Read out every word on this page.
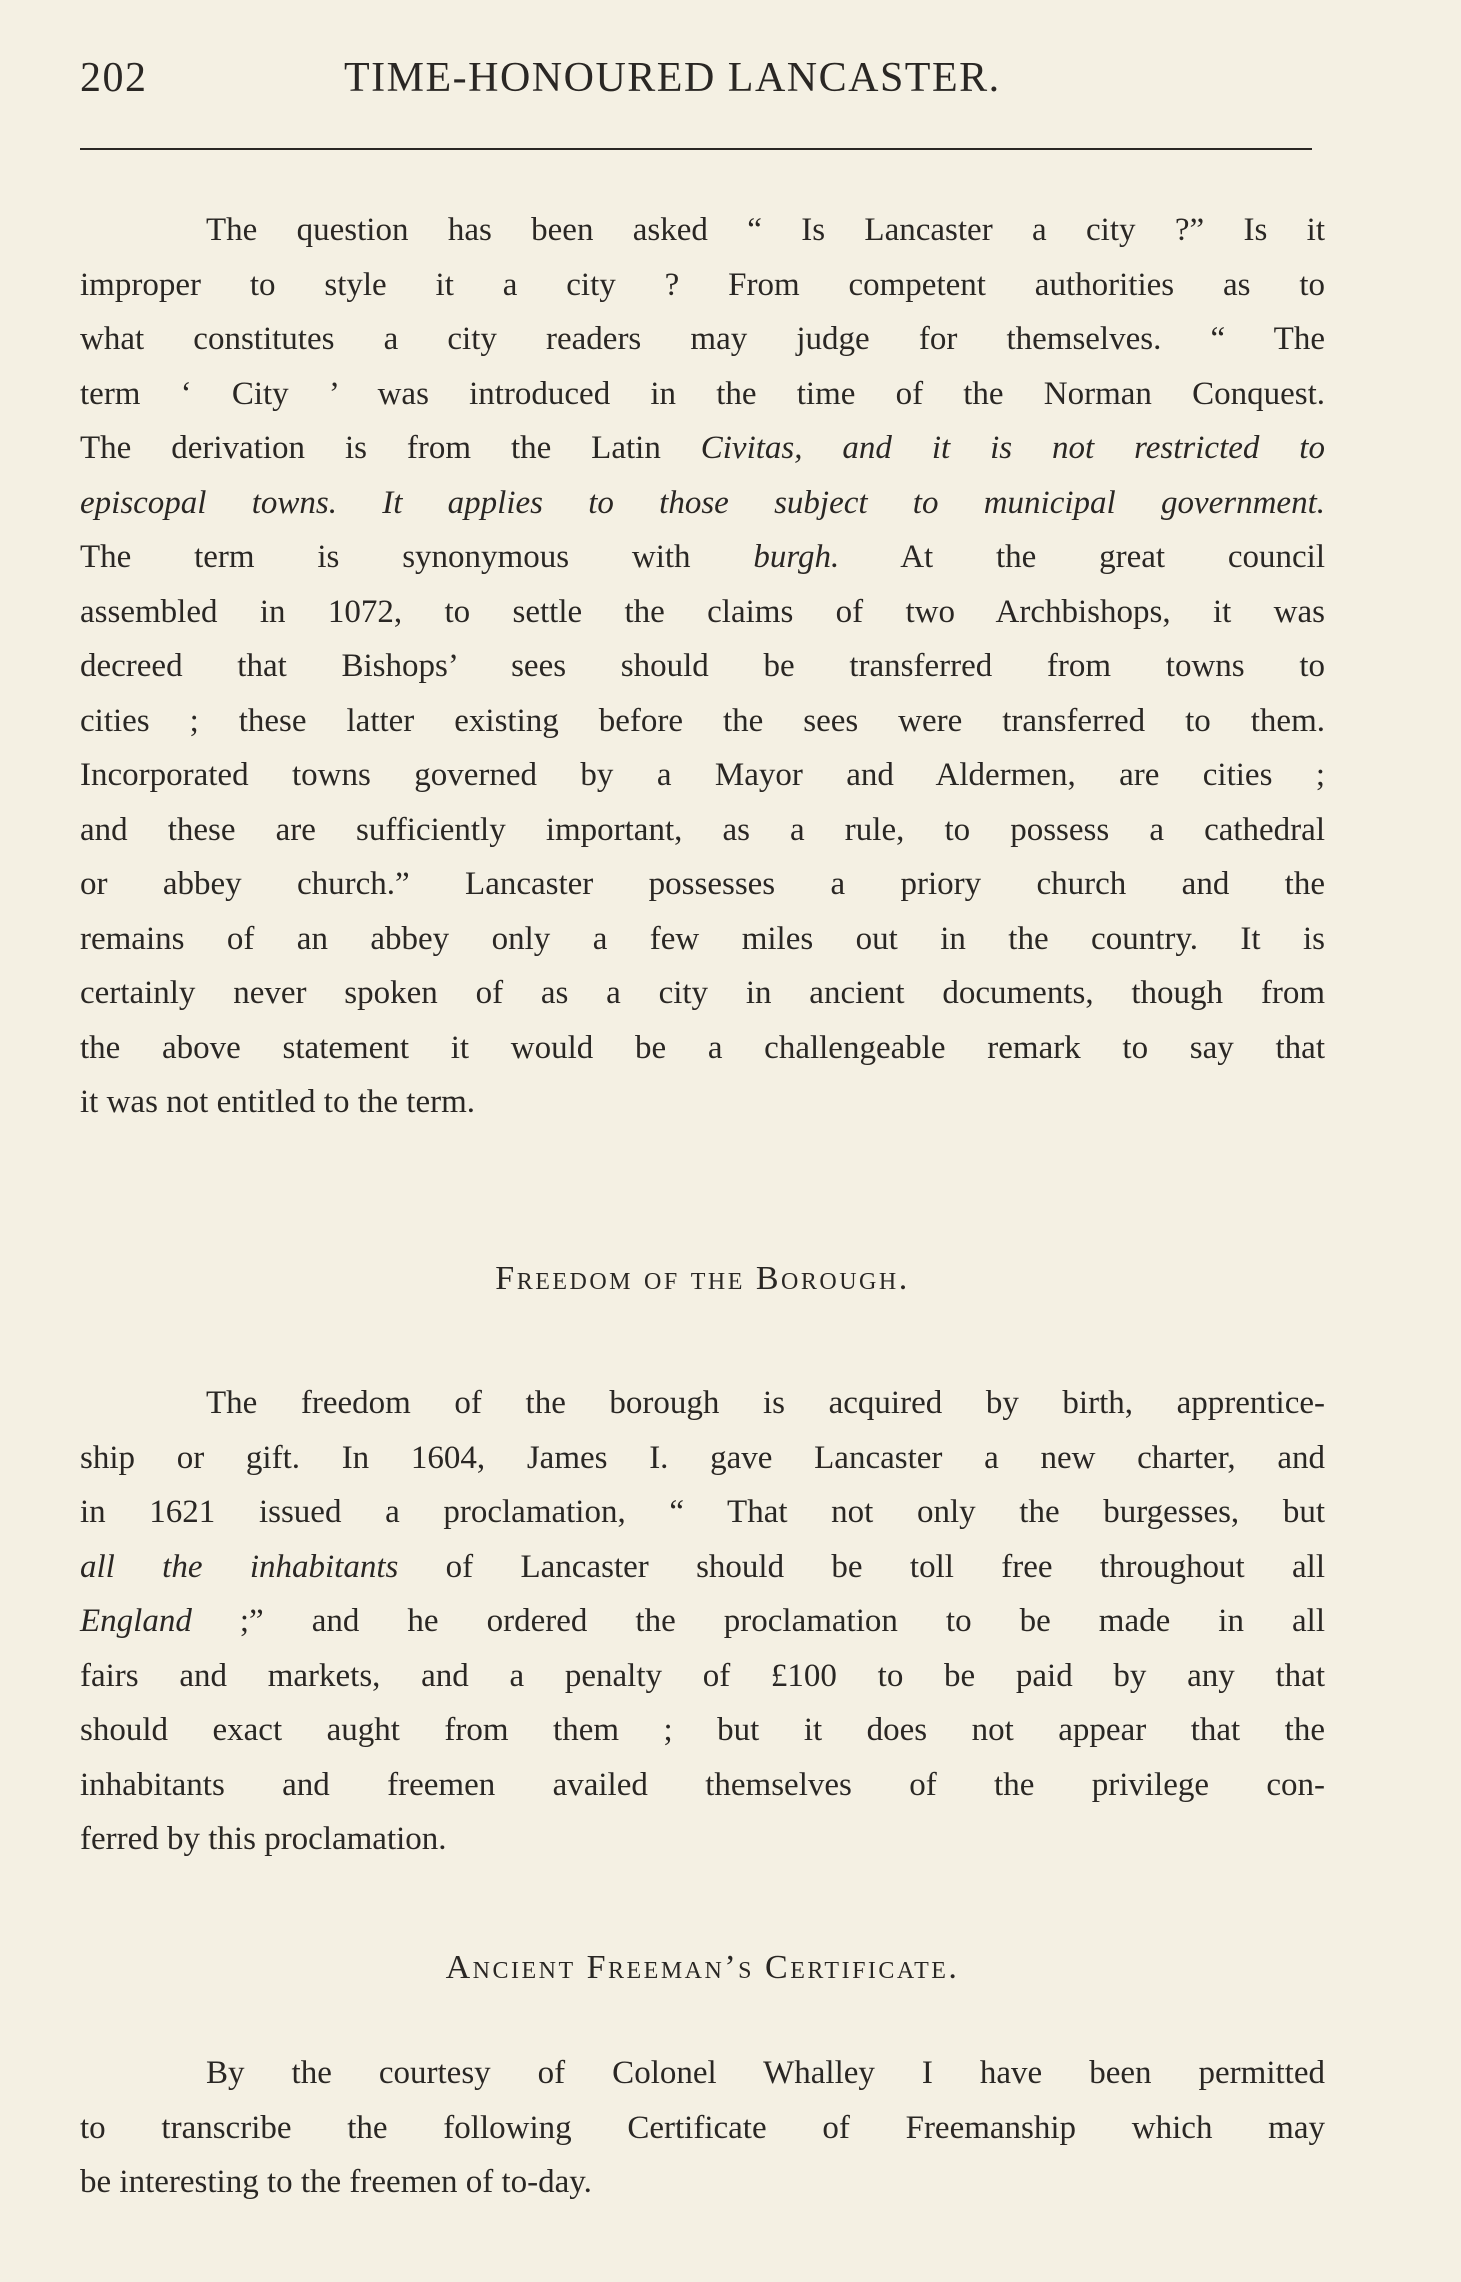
202	TIME-HONOURED LANCASTER.
The question has been asked “ Is Lancaster a city ?” Is it
improper to style it a city ? From competent authorities as to
what constitutes a city readers may judge for themselves. “ The
term ‘ City ’ was introduced in the time of the Norman Conquest.
The derivation is from the Latin Civitas, and it is not restricted to
episcopal towns. It applies to those subject to municipal government.
The term is synonymous with burgh. At the great council
assembled in 1072, to settle the claims of two Archbishops, it was
decreed that Bishops’ sees should be transferred from towns to
cities ; these latter existing before the sees were transferred to them.
Incorporated towns governed by a Mayor and Aldermen, are cities ;
and these are sufficiently important, as a rule, to possess a cathedral
or abbey church.” Lancaster possesses a priory church and the
remains of an abbey only a few miles out in the country. It is
certainly never spoken of as a city in ancient documents, though from
the above statement it would be a challengeable remark to say that
it was not entitled to the term.
Freedom of the Borough.
The freedom of the borough is acquired by birth, apprentice-
ship or gift. In 1604, James I. gave Lancaster a new charter, and
in 1621 issued a proclamation, “ That not only the burgesses, but
all the inhabitants of Lancaster should be toll free throughout all
England ;” and he ordered the proclamation to be made in all
fairs and markets, and a penalty of £100 to be paid by any that
should exact aught from them ; but it does not appear that the
inhabitants and freemen availed themselves of the privilege con-
ferred by this proclamation.
Ancient Freeman’s Certificate.
By the courtesy of Colonel Whalley I have been permitted
to transcribe the following Certificate of Freemanship which may
be interesting to the freemen of to-day.
